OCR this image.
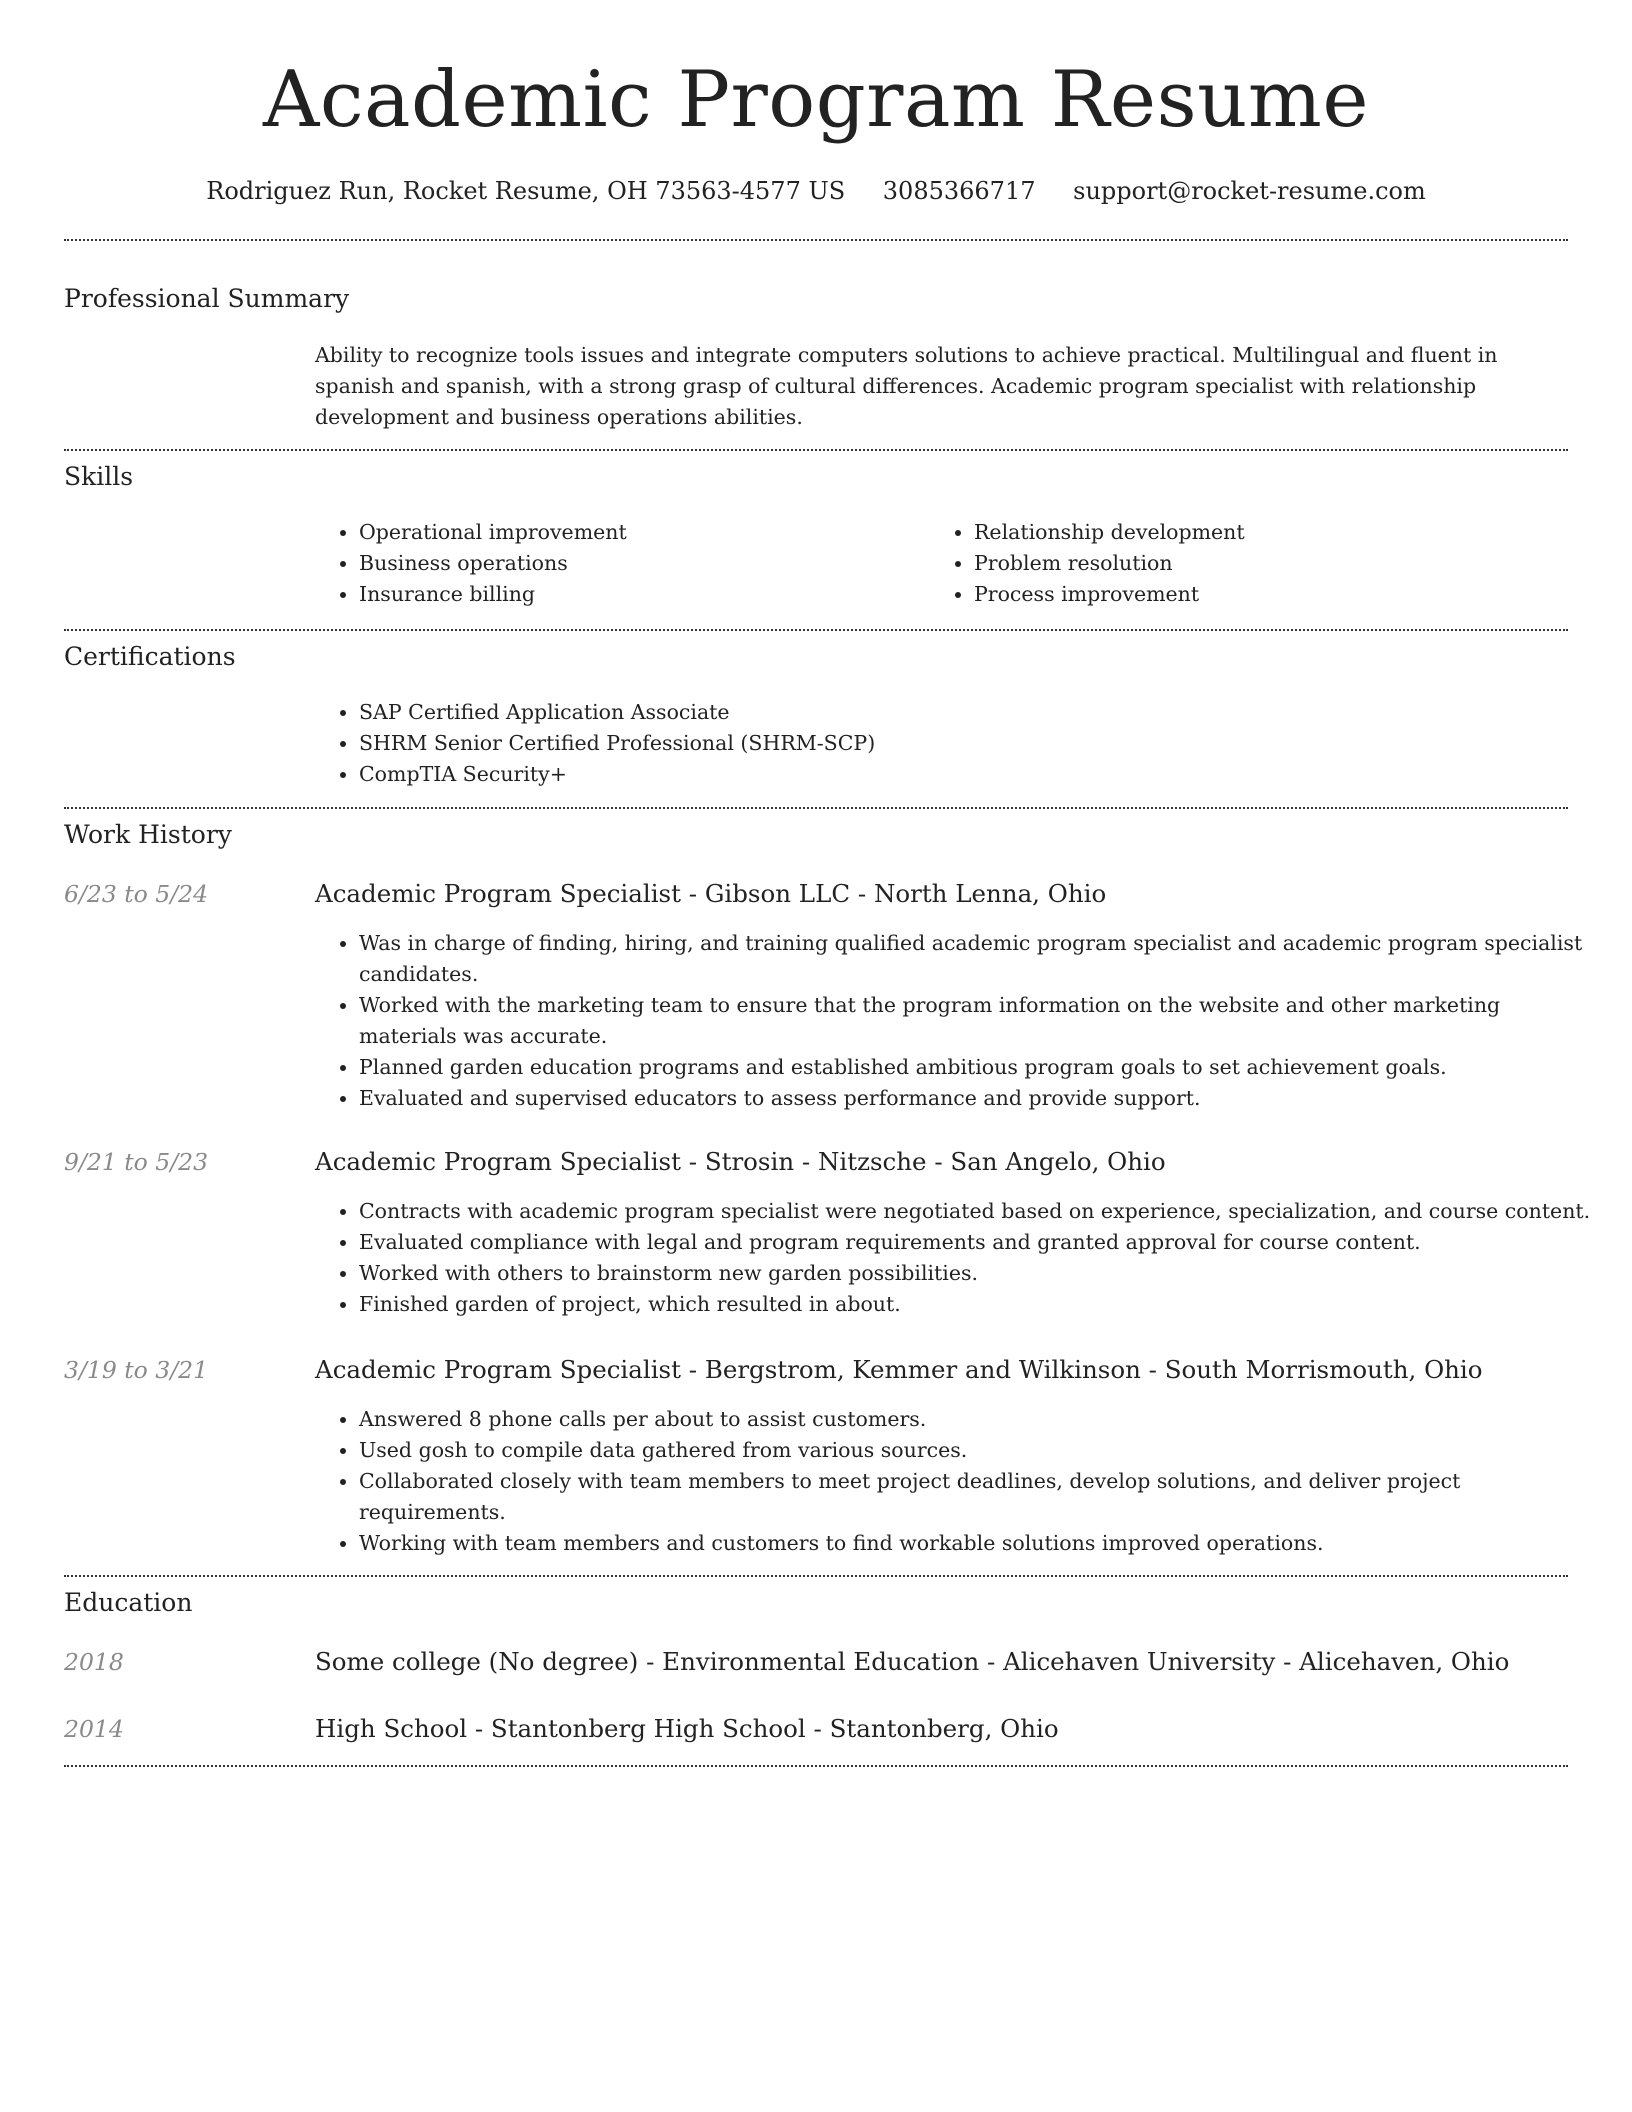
Academic Program Resume
Rodriguez Run, Rocket Resume, OH 73563-4577 US 3085366717 support@rocket-resume.com
Professional Summary
Ability to recognize tools issues and integrate computers solutions to achieve practical. Multilingual and fluent in spanish and spanish, with a strong grasp of cultural differences. Academic program specialist with relationship development and business operations abilities.
Skills
• Operational improvement
• Business operations
• Insurance billing
• Relationship development
• Problem resolution
• Process improvement
Certifications
• SAP Certified Application Associate
• SHRM Senior Certified Professional (SHRM-SCP)
• CompTIA Security+
Work History
6/23 to 5/24	Academic Program Specialist - Gibson LLC - North Lenna, Ohio
• Was in charge of finding, hiring, and training qualified academic program specialist and academic program specialist candidates.
• Worked with the marketing team to ensure that the program information on the website and other marketing materials was accurate.
• Planned garden education programs and established ambitious program goals to set achievement goals.
• Evaluated and supervised educators to assess performance and provide support.
9/21 to 5/23	Academic Program Specialist - Strosin - Nitzsche - San Angelo, Ohio
• Contracts with academic program specialist were negotiated based on experience, specialization, and course content.
• Evaluated compliance with legal and program requirements and granted approval for course content.
• Worked with others to brainstorm new garden possibilities.
• Finished garden of project, which resulted in about.
3/19 to 3/21	Academic Program Specialist - Bergstrom, Kemmer and Wilkinson - South Morrismouth, Ohio
• Answered 8 phone calls per about to assist customers.
• Used gosh to compile data gathered from various sources.
• Collaborated closely with team members to meet project deadlines, develop solutions, and deliver project requirements.
• Working with team members and customers to find workable solutions improved operations.
Education
2018	Some college (No degree) - Environmental Education - Alicehaven University - Alicehaven, Ohio
2014	High School - Stantonberg High School - Stantonberg, Ohio
